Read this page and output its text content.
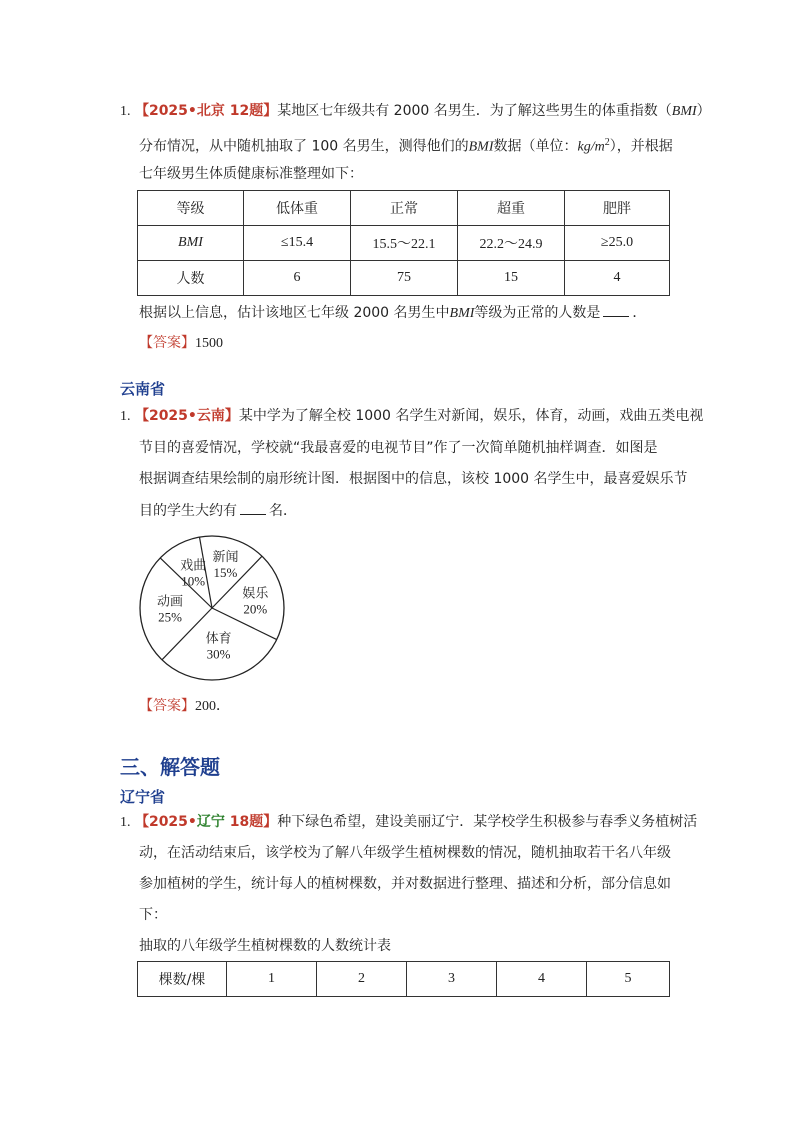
1. 【2025•北京 12题】某地区七年级共有 2000 名男生．为了解这些男生的体重指数（BMI）
分布情况，从中随机抽取了 100 名男生，测得他们的BMI数据（单位：$kg/m^2$），并根据
七年级男生体质健康标准整理如下：
等级	低体重	正常	超重	肥胖
BMI	≤15.4	15.5～22.1	22.2～24.9	≥25.0
人数	6	75	15	4
根据以上信息，估计该地区七年级 2000 名男生中BMI等级为正常的人数是 ．
【答案】1500
云南省
1. 【2025•云南】某中学为了解全校 1000 名学生对新闻，娱乐，体育，动画，戏曲五类电视
节目的喜爱情况，学校就“我最喜爱的电视节目”作了一次简单随机抽样调查．如图是
根据调查结果绘制的扇形统计图．根据图中的信息，该校 1000 名学生中，最喜爱娱乐节
目的学生大约有 名．
戏曲
10%
新闻
15%
娱乐
20%
体育
30%
动画
25%
【答案】200．
三、解答题
辽宁省
1. 【2025•辽宁 18题】种下绿色希望，建设美丽辽宁．某学校学生积极参与春季义务植树活
动，在活动结束后，该学校为了解八年级学生植树棵数的情况，随机抽取若干名八年级
参加植树的学生，统计每人的植树棵数，并对数据进行整理、描述和分析，部分信息如
下：
抽取的八年级学生植树棵数的人数统计表
棵数/棵	1	2	3	4	5
